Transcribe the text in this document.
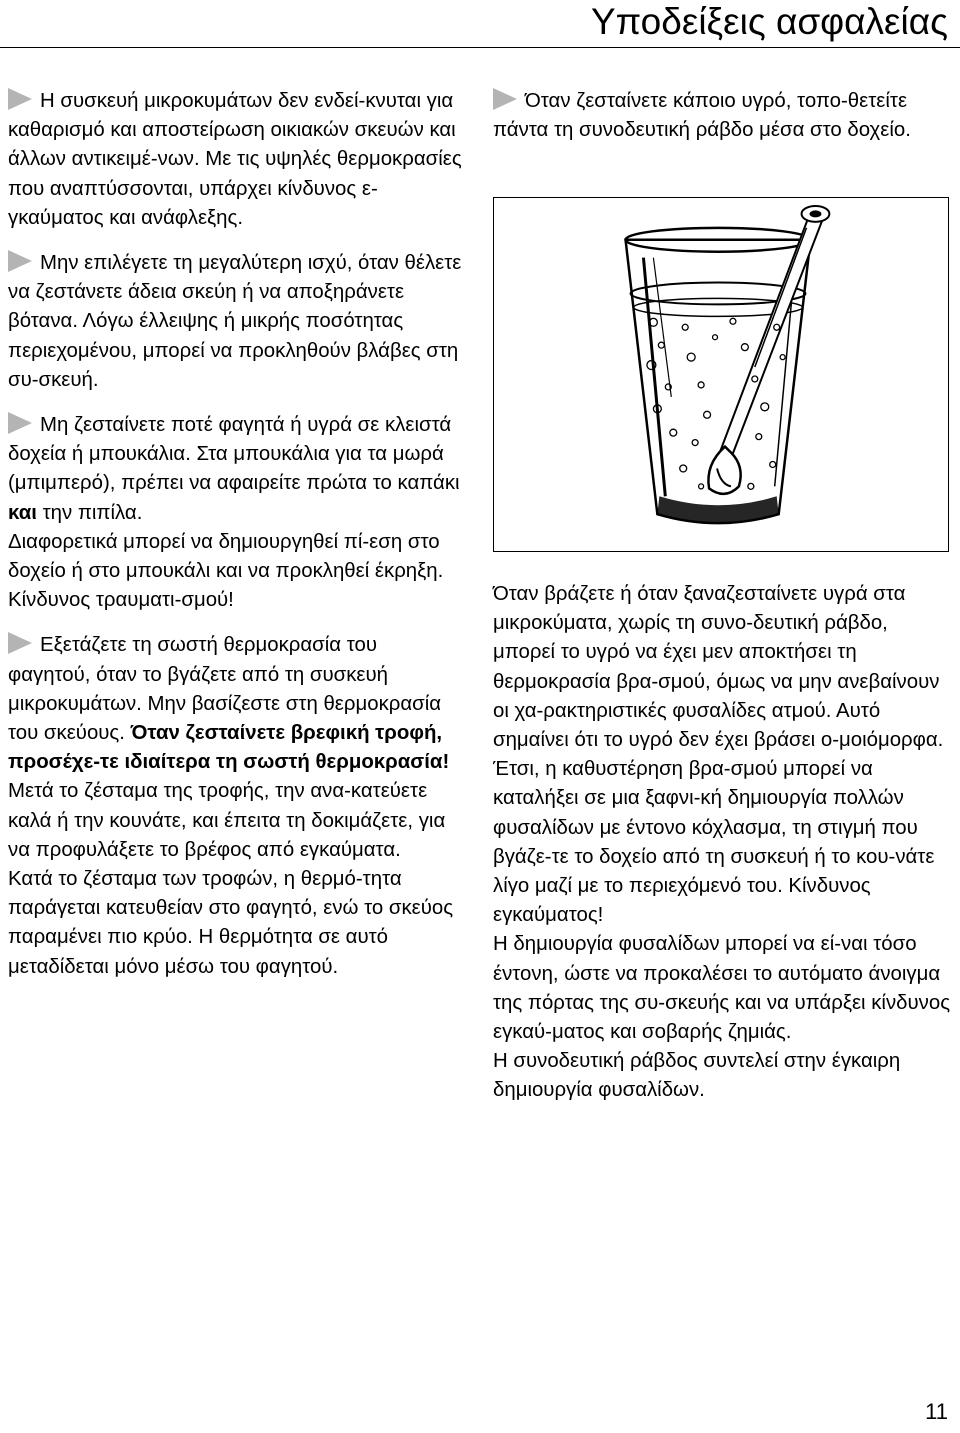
Υποδείξεις ασφαλείας

Η συσκευή μικροκυμάτων δεν ενδεί-κνυται για καθαρισμό και αποστείρωση οικιακών σκευών και άλλων αντικειμέ-νων. Με τις υψηλές θερμοκρασίες που αναπτύσσονται, υπάρχει κίνδυνος ε-γκαύματος και ανάφλεξης.

Μην επιλέγετε τη μεγαλύτερη ισχύ, όταν θέλετε να ζεστάνετε άδεια σκεύη ή να αποξηράνετε βότανα. Λόγω έλλειψης ή μικρής ποσότητας περιεχομένου, μπορεί να προκληθούν βλάβες στη συ-σκευή.

Μη ζεσταίνετε ποτέ φαγητά ή υγρά σε κλειστά δοχεία ή μπουκάλια. Στα μπουκάλια για τα μωρά (μπιμπερό), πρέπει να αφαιρείτε πρώτα το καπάκι και την πιπίλα.

Διαφορετικά μπορεί να δημιουργηθεί πί-εση στο δοχείο ή στο μπουκάλι και να προκληθεί έκρηξη. Κίνδυνος τραυματι-σμού!

Εξετάζετε τη σωστή θερμοκρασία του φαγητού, όταν το βγάζετε από τη συσκευή μικροκυμάτων. Μην βασίζεστε στη θερμοκρασία του σκεύους. Όταν ζεσταίνετε βρεφική τροφή, προσέχε-τε ιδιαίτερα τη σωστή θερμοκρασία!

Μετά το ζέσταμα της τροφής, την ανα-κατεύετε καλά ή την κουνάτε, και έπειτα τη δοκιμάζετε, για να προφυλάξετε το βρέφος από εγκαύματα.

Κατά το ζέσταμα των τροφών, η θερμό-τητα παράγεται κατευθείαν στο φαγητό, ενώ το σκεύος παραμένει πιο κρύο. Η θερμότητα σε αυτό μεταδίδεται μόνο μέσω του φαγητού.

Όταν ζεσταίνετε κάποιο υγρό, τοπο-θετείτε πάντα τη συνοδευτική ράβδο μέσα στο δοχείο.

Όταν βράζετε ή όταν ξαναζεσταίνετε υγρά στα μικροκύματα, χωρίς τη συνο-δευτική ράβδο, μπορεί το υγρό να έχει μεν αποκτήσει τη θερμοκρασία βρα-σμού, όμως να μην ανεβαίνουν οι χα-ρακτηριστικές φυσαλίδες ατμού. Αυτό σημαίνει ότι το υγρό δεν έχει βράσει ο-μοιόμορφα. Έτσι, η καθυστέρηση βρα-σμού μπορεί να καταλήξει σε μια ξαφνι-κή δημιουργία πολλών φυσαλίδων με έντονο κόχλασμα, τη στιγμή που βγάζε-τε το δοχείο από τη συσκευή ή το κου-νάτε λίγο μαζί με το περιεχόμενό του. Κίνδυνος εγκαύματος!

Η δημιουργία φυσαλίδων μπορεί να εί-ναι τόσο έντονη, ώστε να προκαλέσει το αυτόματο άνοιγμα της πόρτας της συ-σκευής και να υπάρξει κίνδυνος εγκαύ-ματος και σοβαρής ζημιάς.

Η συνοδευτική ράβδος συντελεί στην έγκαιρη δημιουργία φυσαλίδων.

11
